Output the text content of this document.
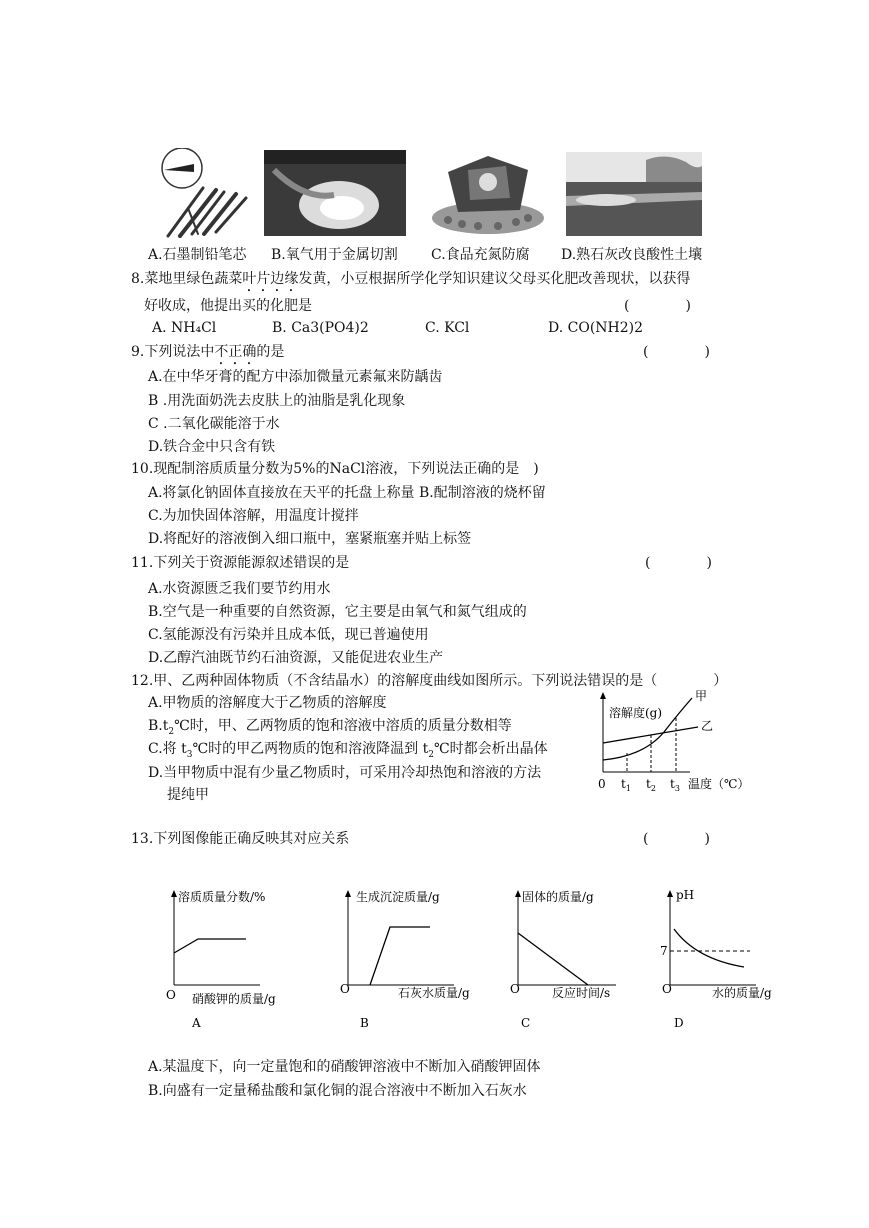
A.石墨制铅笔芯 B.氧气用于金属切割 C.食品充氮防腐 D.熟石灰改良酸性土壤
8.菜地里绿色蔬菜叶片边缘发黄，小豆根据所学化学知识建议父母买化肥改善现状，以获得
好收成，他提出买的化肥是	(　　　　)
A. NH₄Cl	B. Ca3(PO4)2	C. KCl	D. CO(NH2)2
9.下列说法中不正确的是	(　　　　)
A.在中华牙膏的配方中添加微量元素氟来防龋齿
B .用洗面奶洗去皮肤上的油脂是乳化现象
C .二氧化碳能溶于水
D.铁合金中只含有铁
10.现配制溶质质量分数为5%的NaCl溶液，下列说法正确的是　)
A.将氯化钠固体直接放在天平的托盘上称量 B.配制溶液的烧杯留
C.为加快固体溶解，用温度计搅拌
D.将配好的溶液倒入细口瓶中，塞紧瓶塞并贴上标签
11.下列关于资源能源叙述错误的是	(　　　　)
A.水资源匮乏我们要节约用水
B.空气是一种重要的自然资源，它主要是由氧气和氮气组成的
C.氢能源没有污染并且成本低，现已普遍使用
D.乙醇汽油既节约石油资源，又能促进农业生产
12.甲、乙两种固体物质（不含结晶水）的溶解度曲线如图所示。下列说法错误的是（　　　　）
A.甲物质的溶解度大于乙物质的溶解度
$B.t_2℃$时，甲、乙两物质的饱和溶液中溶质的质量分数相等
C.将 $t_3℃$时的甲乙两物质的饱和溶液降温到 $t_2℃$时都会析出晶体
D.当甲物质中混有少量乙物质时，可采用冷却热饱和溶液的方法
提纯甲
溶解度(g)
甲
乙
0 $t_1$ $t_2$ $t_3$ 温度（℃）
13.下列图像能正确反映其对应关系	(　　　　)
溶质质量分数/%
O 硝酸钾的质量/g
A
生成沉淀质量/g
O	石灰水质量/g
B
固体的质量/g
O	反应时间/s
C
pH
7
O	水的质量/g
D
A.某温度下，向一定量饱和的硝酸钾溶液中不断加入硝酸钾固体
B.向盛有一定量稀盐酸和氯化铜的混合溶液中不断加入石灰水
